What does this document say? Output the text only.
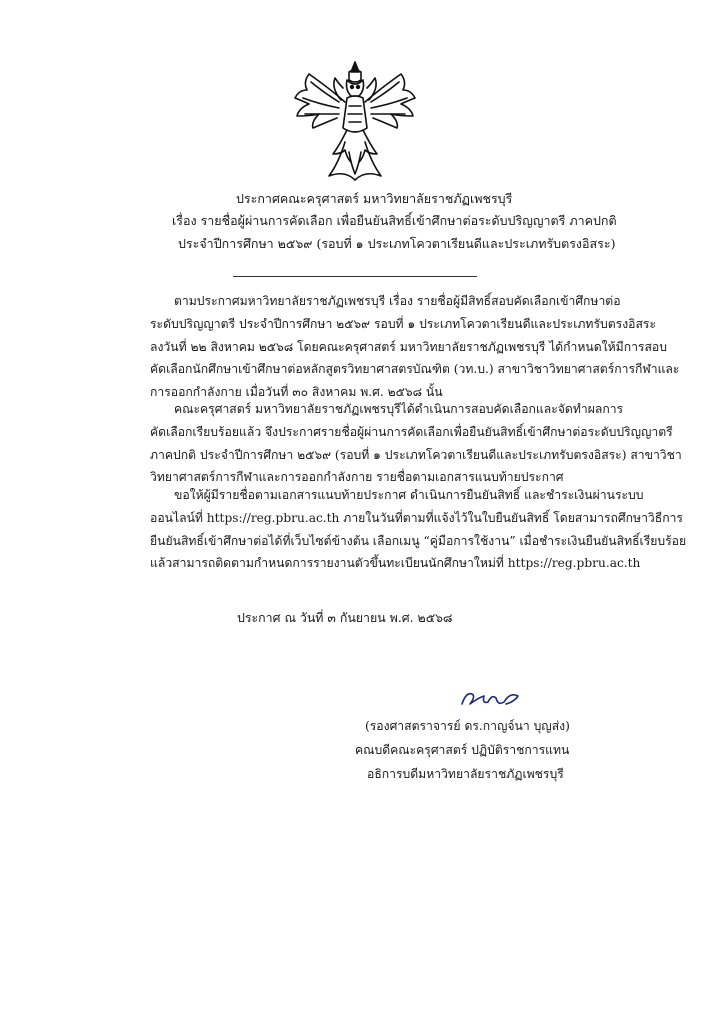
ประกาศคณะครุศาสตร์ มหาวิทยาลัยราชภัฏเพชรบุรี
เรื่อง รายชื่อผู้ผ่านการคัดเลือก เพื่อยืนยันสิทธิ์เข้าศึกษาต่อระดับปริญญาตรี ภาคปกติ
ประจำปีการศึกษา ๒๕๖๙ (รอบที่ ๑ ประเภทโควตาเรียนดีและประเภทรับตรงอิสระ)
ตามประกาศมหาวิทยาลัยราชภัฏเพชรบุรี เรื่อง รายชื่อผู้มีสิทธิ์สอบคัดเลือกเข้าศึกษาต่อ
ระดับปริญญาตรี ประจำปีการศึกษา ๒๕๖๙ รอบที่ ๑ ประเภทโควตาเรียนดีและประเภทรับตรงอิสระ
ลงวันที่ ๒๒ สิงหาคม ๒๕๖๘ โดยคณะครุศาสตร์ มหาวิทยาลัยราชภัฏเพชรบุรี ได้กำหนดให้มีการสอบ
คัดเลือกนักศึกษาเข้าศึกษาต่อหลักสูตรวิทยาศาสตรบัณฑิต (วท.บ.) สาขาวิชาวิทยาศาสตร์การกีฬาและ
การออกกำลังกาย เมื่อวันที่ ๓๐ สิงหาคม พ.ศ. ๒๕๖๘ นั้น
คณะครุศาสตร์ มหาวิทยาลัยราชภัฏเพชรบุรีได้ดำเนินการสอบคัดเลือกและจัดทำผลการ
คัดเลือกเรียบร้อยแล้ว จึงประกาศรายชื่อผู้ผ่านการคัดเลือกเพื่อยืนยันสิทธิ์เข้าศึกษาต่อระดับปริญญาตรี
ภาคปกติ ประจำปีการศึกษา ๒๕๖๙ (รอบที่ ๑ ประเภทโควตาเรียนดีและประเภทรับตรงอิสระ) สาขาวิชา
วิทยาศาสตร์การกีฬาและการออกกำลังกาย รายชื่อตามเอกสารแนบท้ายประกาศ
ขอให้ผู้มีรายชื่อตามเอกสารแนบท้ายประกาศ ดำเนินการยืนยันสิทธิ์ และชำระเงินผ่านระบบ
ออนไลน์ที่ https://reg.pbru.ac.th ภายในวันที่ตามที่แจ้งไว้ในใบยืนยันสิทธิ์ โดยสามารถศึกษาวิธีการ
ยืนยันสิทธิ์เข้าศึกษาต่อได้ที่เว็บไซต์ข้างต้น เลือกเมนู “คู่มือการใช้งาน” เมื่อชำระเงินยืนยันสิทธิ์เรียบร้อย
แล้วสามารถติดตามกำหนดการรายงานตัวขึ้นทะเบียนนักศึกษาใหม่ที่ https://reg.pbru.ac.th
ประกาศ ณ วันที่ ๓ กันยายน พ.ศ. ๒๕๖๘
(รองศาสตราจารย์ ดร.กาญจ์นา บุญส่ง)
คณบดีคณะครุศาสตร์ ปฏิบัติราชการแทน
อธิการบดีมหาวิทยาลัยราชภัฏเพชรบุรี
